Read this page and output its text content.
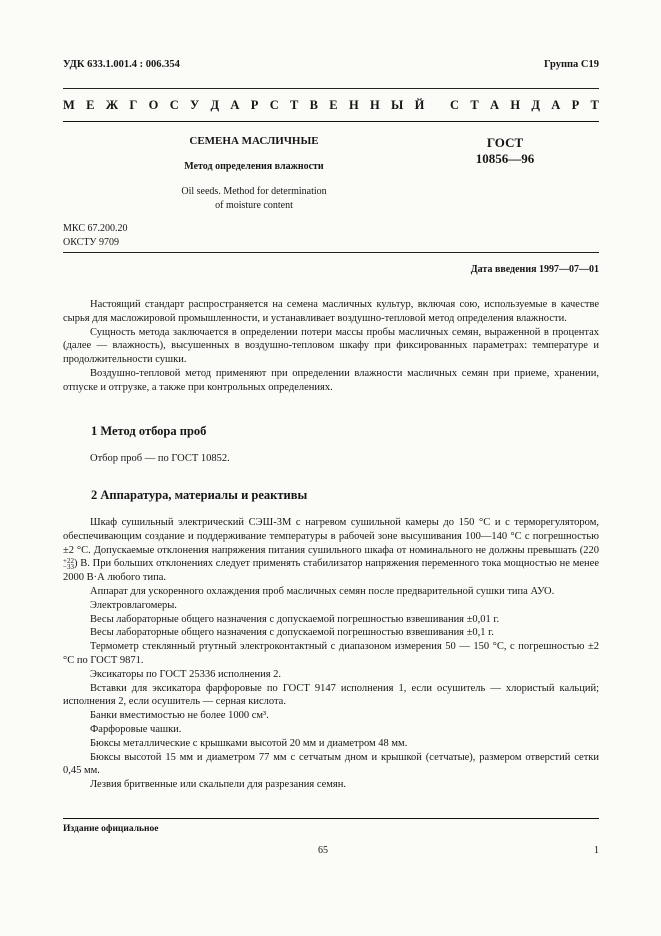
УДК 633.1.001.4 : 006.354	Группа С19
М Е Ж Г О С У Д А Р С Т В Е Н Н Ы Й
С Т А Н Д А Р Т
СЕМЕНА МАСЛИЧНЫЕ
Метод определения влажности
Oil seeds. Method for determination
of moisture content
ГОСТ
10856—96
МКС 67.200.20
ОКСТУ 9709
Дата введения 1997—07—01

Настоящий стандарт распространяется на семена масличных культур, включая сою, используемые в качестве сырья для масложировой промышленности, и устанавливает воздушно-тепловой метод определения влажности.

Сущность метода заключается в определении потери массы пробы масличных семян, выраженной в процентах (далее — влажность), высушенных в воздушно-тепловом шкафу при фиксированных параметрах: температуре и продолжительности сушки.

Воздушно-тепловой метод применяют при определении влажности масличных семян при приеме, хранении, отпуске и отгрузке, а также при контрольных определениях.

1 Метод отбора проб

Отбор проб — по ГОСТ 10852.

2 Аппаратура, материалы и реактивы

Шкаф сушильный электрический СЭШ-3М с нагревом сушильной камеры до 150 °С и с терморегулятором, обеспечивающим создание и поддерживание температуры в рабочей зоне высушивания 100—140 °С с погрешностью ±2 °С. Допускаемые отклонения напряжения питания сушильного шкафа от номинального не должны превышать (220
+22
−33 ) В. При больших отклонениях следует применять стабилизатор напряжения переменного тока мощностью не менее 2000 В·А любого типа.

Аппарат для ускоренного охлаждения проб масличных семян после предварительной сушки типа АУО.

Электровлагомеры.

Весы лабораторные общего назначения с допускаемой погрешностью взвешивания ±0,01 г.

Весы лабораторные общего назначения с допускаемой погрешностью взвешивания ±0,1 г.

Термометр стеклянный ртутный электроконтактный с диапазоном измерения 50 — 150 °С, с погрешностью ±2 °С по ГОСТ 9871.

Эксикаторы по ГОСТ 25336 исполнения 2.

Вставки для эксикатора фарфоровые по ГОСТ 9147 исполнения 1, если осушитель — хлористый кальций; исполнения 2, если осушитель — серная кислота.

Банки вместимостью не более 1000 см³.

Фарфоровые чашки.

Бюксы металлические с крышками высотой 20 мм и диаметром 48 мм.

Бюксы высотой 15 мм и диаметром 77 мм с сетчатым дном и крышкой (сетчатые), размером отверстий сетки 0,45 мм.

Лезвия бритвенные или скальпели для разрезания семян.

Издание официальное
65	1
